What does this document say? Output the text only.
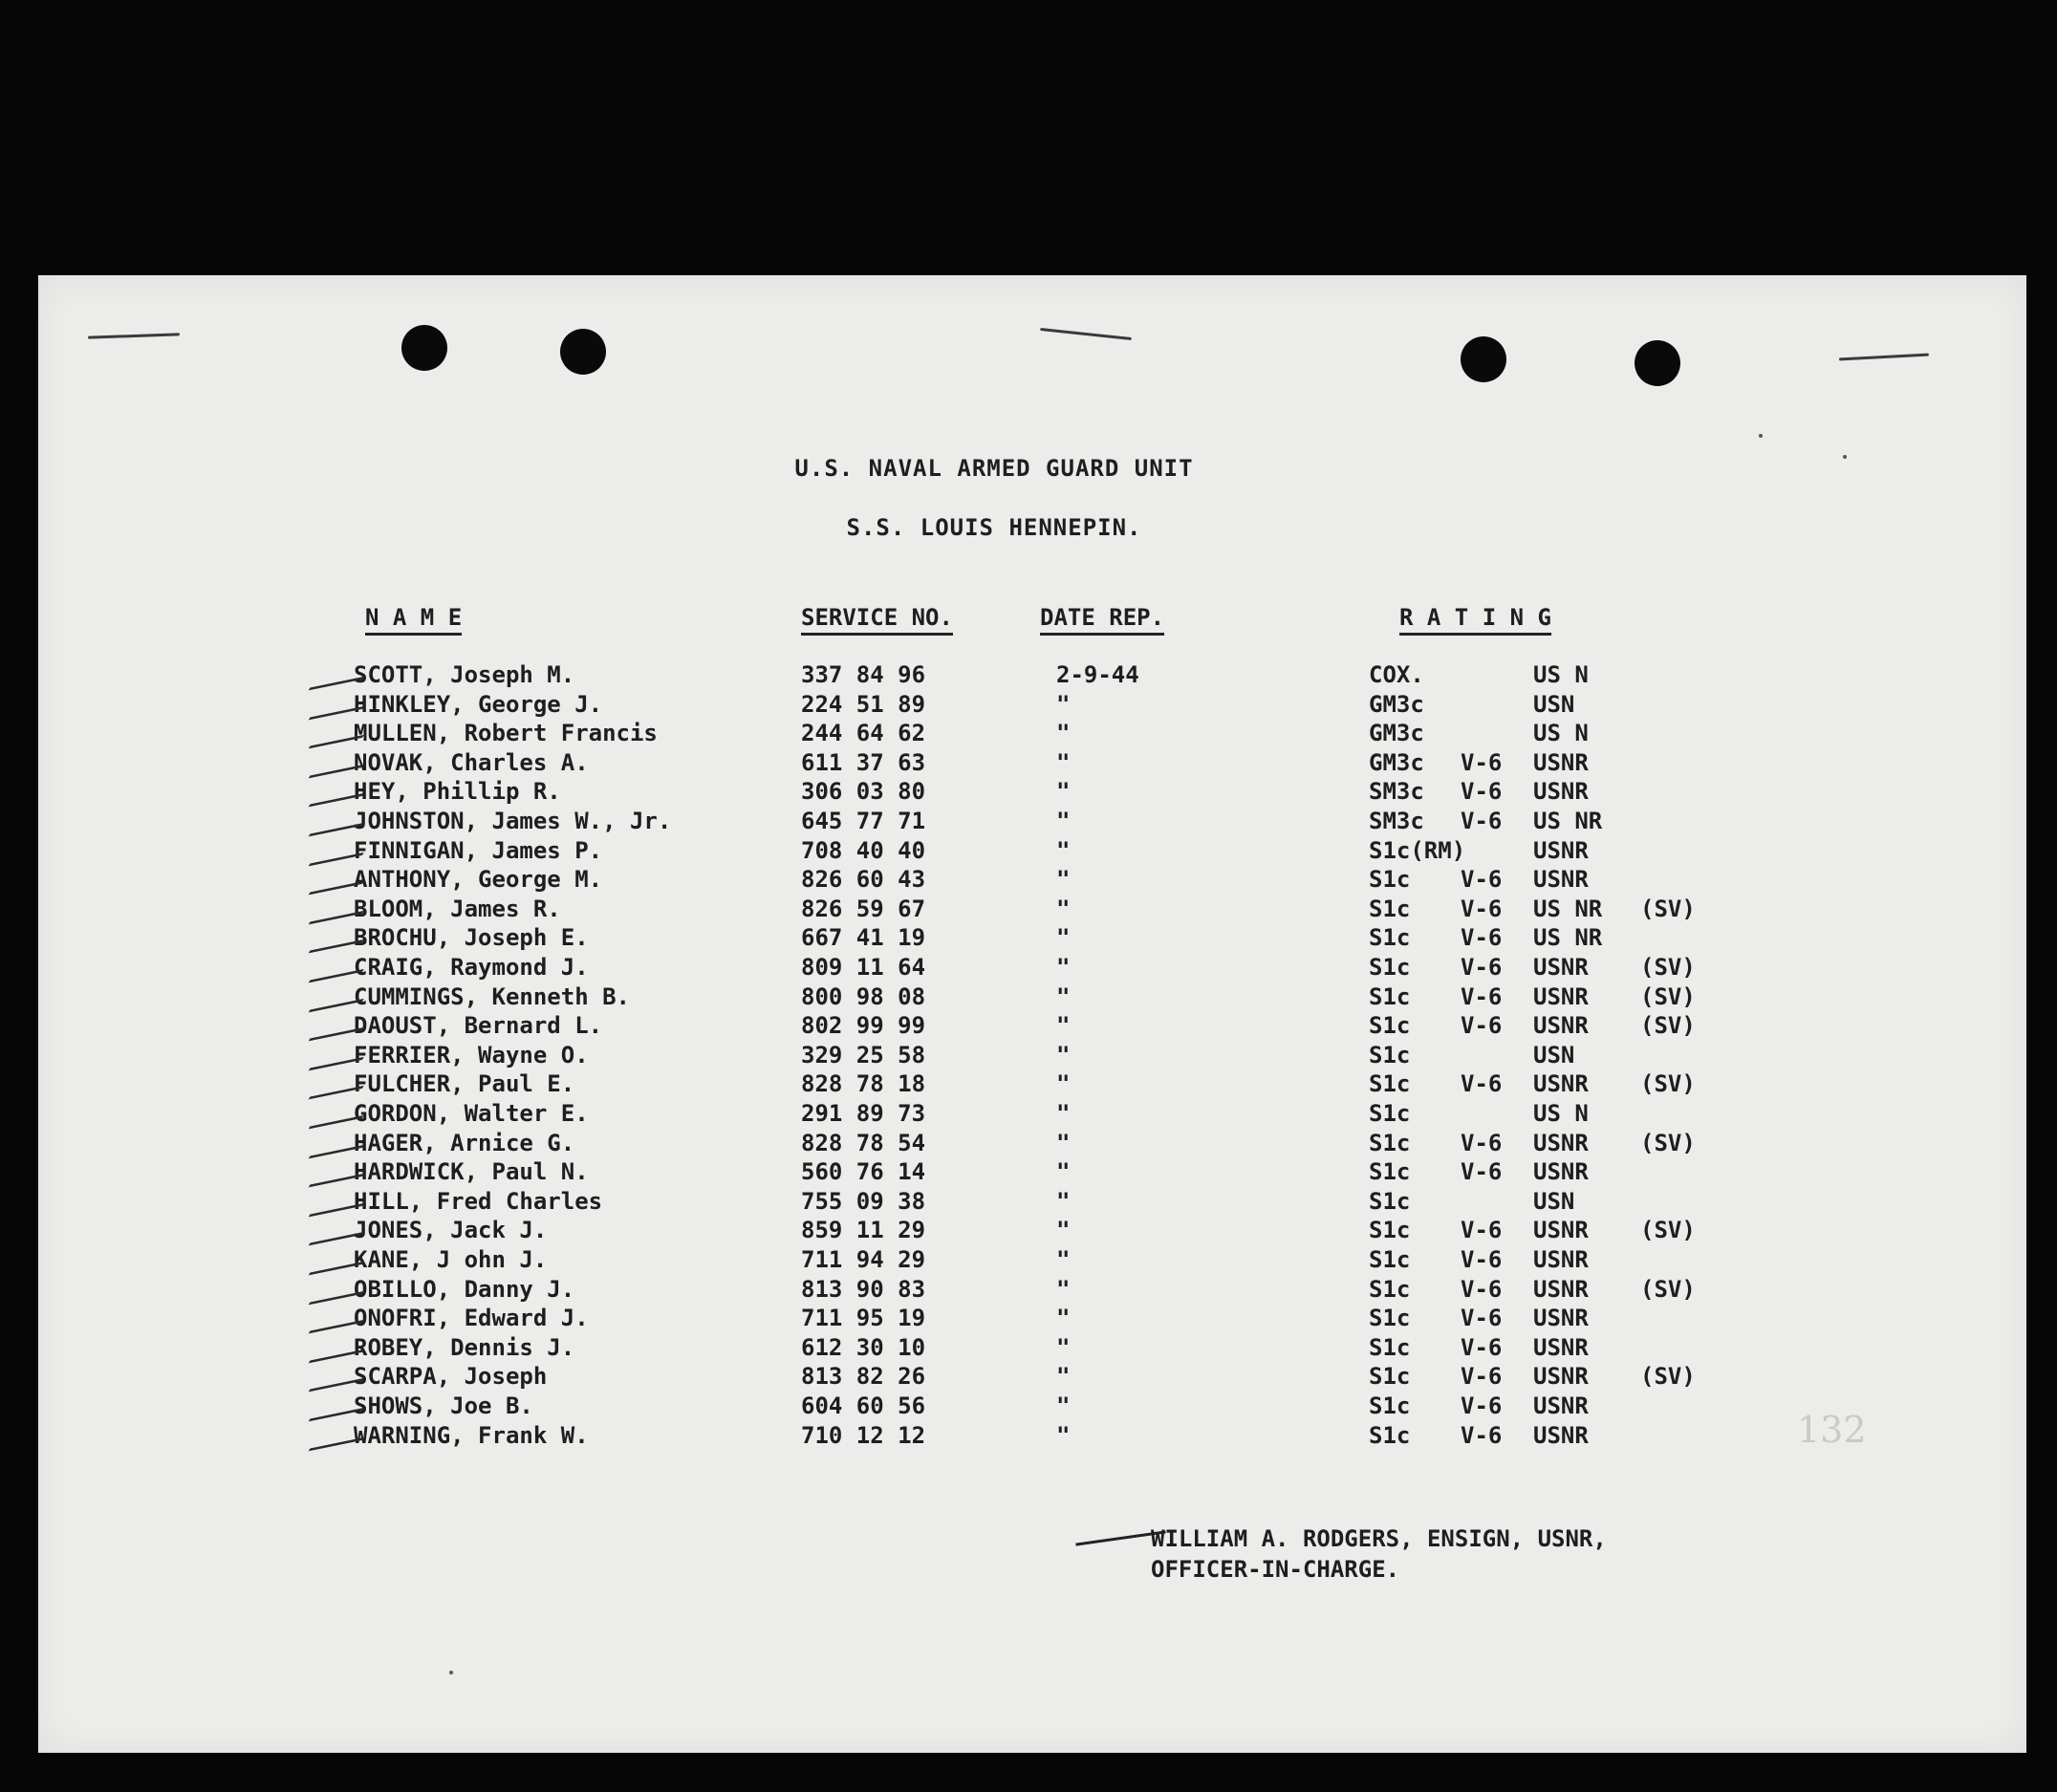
U.S. NAVAL ARMED GUARD UNIT
S.S. LOUIS HENNEPIN.
N A M E	SERVICE NO.	DATE REP.	R A T I N G
SCOTT, Joseph M.	337 84 96	2-9-44	COX.	US N
HINKLEY, George J.	224 51 89	"	GM3c	USN
MULLEN, Robert Francis	244 64 62	"	GM3c	US N
NOVAK, Charles A.	611 37 63	"	GM3c V-6 USNR
HEY, Phillip R.	306 03 80	"	SM3c V-6 USNR
JOHNSTON, James W., Jr.	645 77 71	"	SM3c V-6 US NR
FINNIGAN, James P.	708 40 40	"	S1c(RM)	USNR
ANTHONY, George M.	826 60 43	"	S1c V-6 USNR
BLOOM, James R.	826 59 67	"	S1c V-6 US NR (SV)
BROCHU, Joseph E.	667 41 19	"	S1c V-6 US NR
CRAIG, Raymond J.	809 11 64	"	S1c V-6 USNR (SV)
CUMMINGS, Kenneth B.	800 98 08	"	S1c V-6 USNR (SV)
DAOUST, Bernard L.	802 99 99	"	S1c V-6 USNR (SV)
FERRIER, Wayne O.	329 25 58	"	S1c	USN
FULCHER, Paul E.	828 78 18	"	S1c V-6 USNR (SV)
GORDON, Walter E.	291 89 73	"	S1c	US N
HAGER, Arnice G.	828 78 54	"	S1c V-6 USNR (SV)
HARDWICK, Paul N.	560 76 14	"	S1c V-6 USNR
HILL, Fred Charles	755 09 38	"	S1c	USN
JONES, Jack J.	859 11 29	"	S1c V-6 USNR (SV)
KANE, J ohn J.	711 94 29	"	S1c V-6 USNR
OBILLO, Danny J.	813 90 83	"	S1c V-6 USNR (SV)
ONOFRI, Edward J.	711 95 19	"	S1c V-6 USNR
ROBEY, Dennis J.	612 30 10	"	S1c V-6 USNR
SCARPA, Joseph	813 82 26	"	S1c V-6 USNR (SV)
SHOWS, Joe B.	604 60 56	"	S1c V-6 USNR
WARNING, Frank W.	710 12 12	"	S1c V-6 USNR
WILLIAM A. RODGERS, ENSIGN, USNR,
OFFICER-IN-CHARGE.
132
